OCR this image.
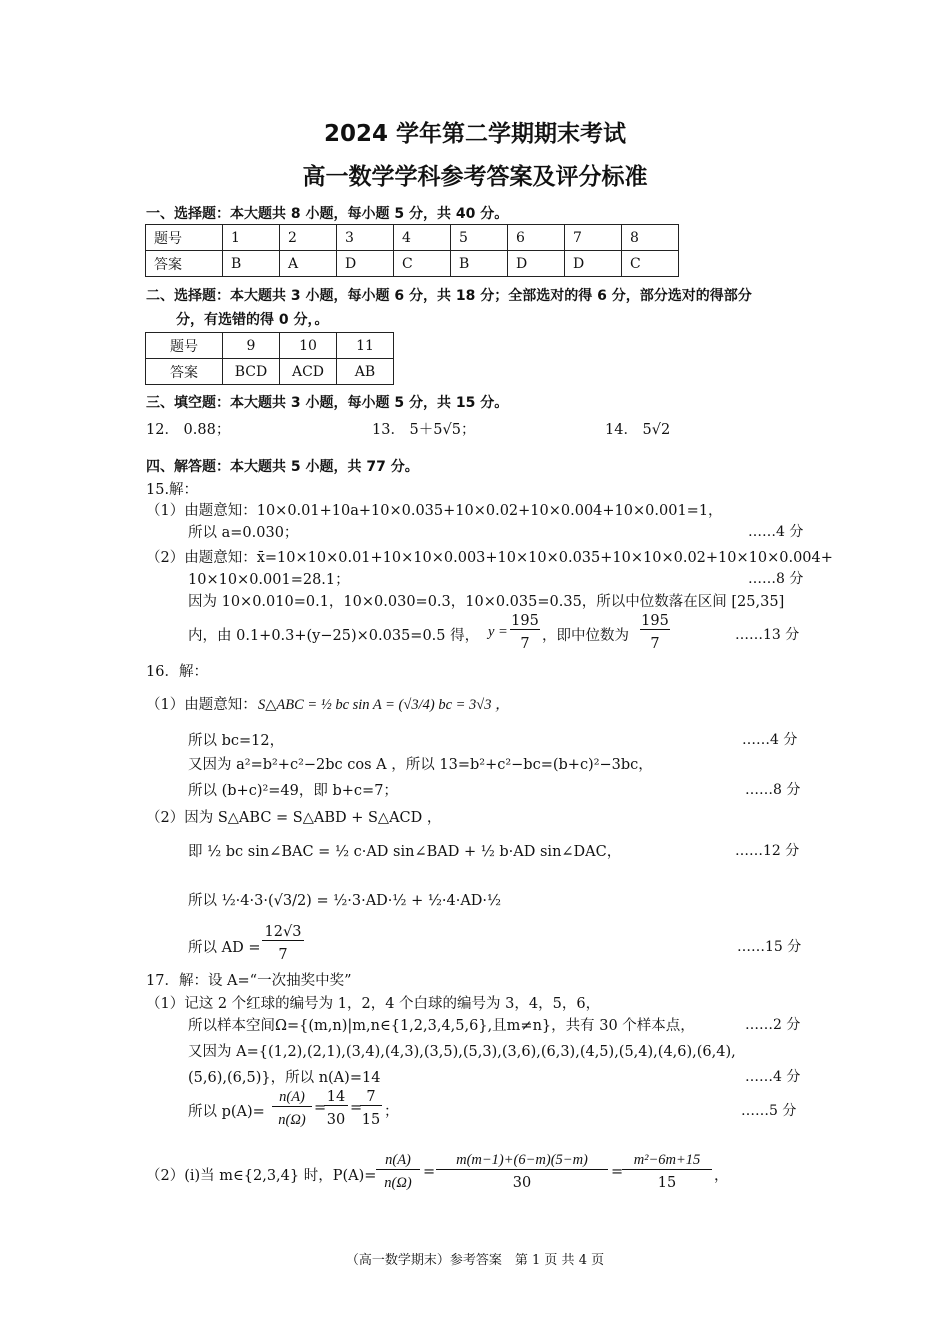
2024 学年第二学期期末考试
高一数学学科参考答案及评分标准
一、选择题：本大题共 8 小题，每小题 5 分，共 40 分。
题号	1	2	3	4	5	6	7	8
答案	B	A	D	C	B	D	D	C
二、选择题：本大题共 3 小题，每小题 6 分，共 18 分；全部选对的得 6 分，部分选对的得部分
分，有选错的得 0 分，。
题号	9	10	11
答案	BCD	ACD	AB
三、填空题：本大题共 3 小题，每小题 5 分，共 15 分。
12． 0.88；	13． 5＋5√5；	14． 5√2
四、解答题：本大题共 5 小题，共 77 分。
15.解：
（1）由题意知：10×0.01+10a+10×0.035+10×0.02+10×0.004+10×0.001=1，
所以 a=0.030；	……4 分
（2）由题意知：x̄=10×10×0.01+10×10×0.003+10×10×0.035+10×10×0.02+10×10×0.004+
10×10×0.001=28.1；	……8 分
因为 10×0.010=0.1，10×0.030=0.3，10×0.035=0.35，所以中位数落在区间 [25,35]
内，由 0.1+0.3+(y−25)×0.035=0.5 得， y =
195
7 ，即中位数为
195
7
……13 分
16．解：
（1）由题意知： S△ABC = ½ bc sin A = (√3/4) bc = 3√3 ，
所以 bc=12，	……4 分
又因为 a²=b²+c²−2bc cos A ，所以 13=b²+c²−bc=(b+c)²−3bc，
所以 (b+c)²=49，即 b+c=7；	……8 分
（2）因为 S△ABC = S△ABD + S△ACD ，
即 ½ bc sin∠BAC = ½ c·AD sin∠BAD + ½ b·AD sin∠DAC，	……12 分
所以 ½·4·3·(√3/2) = ½·3·AD·½ + ½·4·AD·½
所以 AD =
12√3
7	……15 分
17．解：设 A=“一次抽奖中奖”
（1）记这 2 个红球的编号为 1，2，4 个白球的编号为 3，4，5，6，
所以样本空间Ω={(m,n)|m,n∈{1,2,3,4,5,6},且m≠n}，共有 30 个样本点，	……2 分
又因为 A={(1,2),(2,1),(3,4),(4,3),(3,5),(5,3),(3,6),(6,3),(4,5),(5,4),(4,6),(6,4),
(5,6),(6,5)}，所以 n(A)=14	……4 分
所以 p(A)=
n(A)
n(Ω)
=
14
30
=
7
15 ；	……5 分
（2）(i)当 m∈{2,3,4} 时，P(A)=
n(A)
n(Ω)
=
m(m−1)+(6−m)(5−m)
30
=
m²−6m+15
15	，
（高一数学期末）参考答案　第 1 页 共 4 页
